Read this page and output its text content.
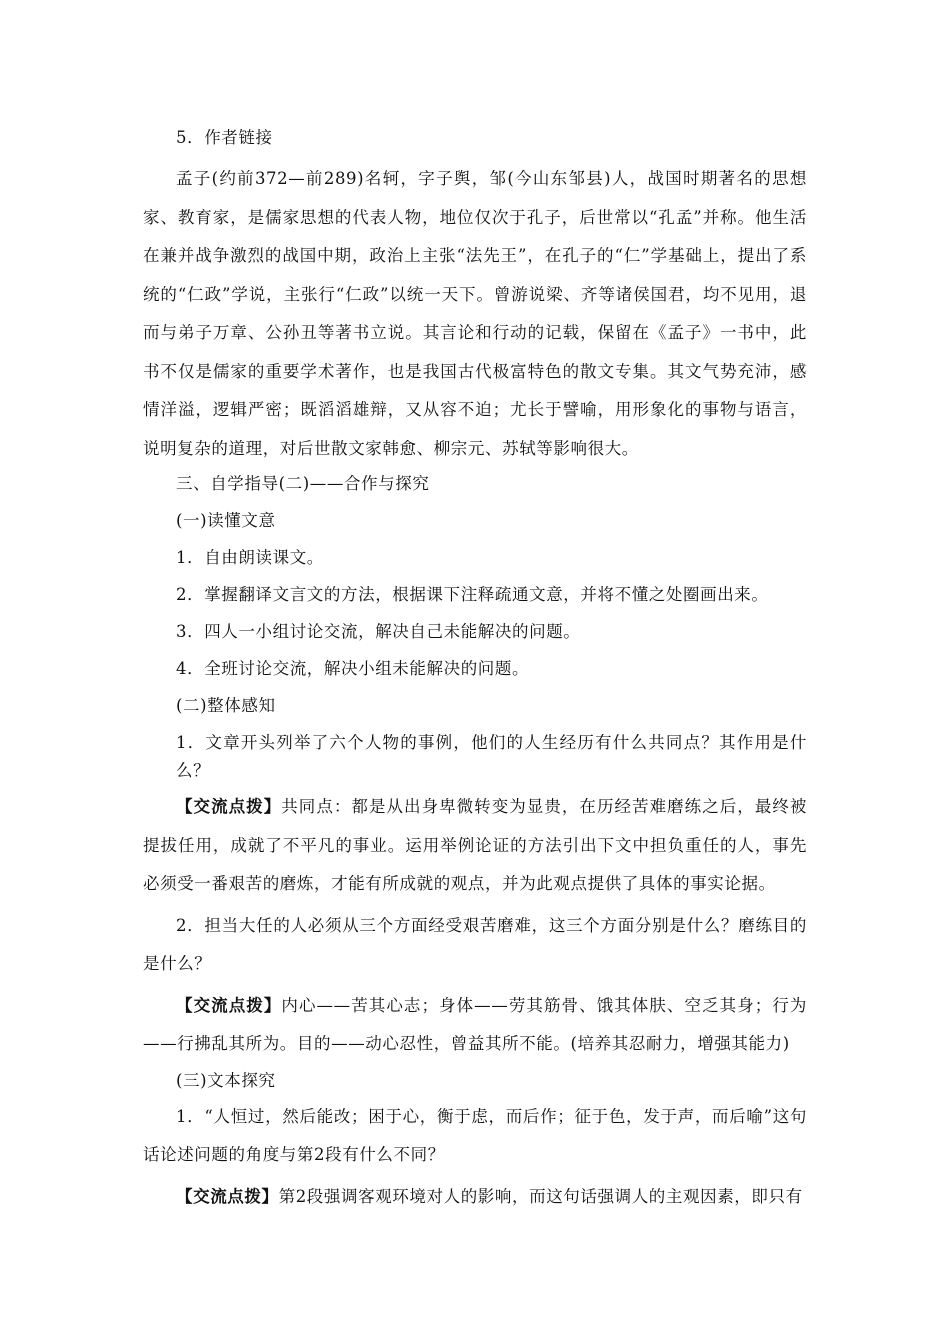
5．作者链接

孟子(约前372—前289)名轲，字子舆，邹(今山东邹县)人，战国时期著名的思想家、教育家，是儒家思想的代表人物，地位仅次于孔子，后世常以“孔孟”并称。他生活在兼并战争激烈的战国中期，政治上主张“法先王”，在孔子的“仁”学基础上，提出了系统的“仁政”学说，主张行“仁政”以统一天下。曾游说梁、齐等诸侯国君，均不见用，退而与弟子万章、公孙丑等著书立说。其言论和行动的记载，保留在《孟子》一书中，此书不仅是儒家的重要学术著作，也是我国古代极富特色的散文专集。其文气势充沛，感情洋溢，逻辑严密；既滔滔雄辩，又从容不迫；尤长于譬喻，用形象化的事物与语言，说明复杂的道理，对后世散文家韩愈、柳宗元、苏轼等影响很大。

三、自学指导(二)——合作与探究

(一)读懂文意

1．自由朗读课文。

2．掌握翻译文言文的方法，根据课下注释疏通文意，并将不懂之处圈画出来。

3．四人一小组讨论交流，解决自己未能解决的问题。

4．全班讨论交流，解决小组未能解决的问题。

(二)整体感知

1．文章开头列举了六个人物的事例，他们的人生经历有什么共同点？其作用是什么？

【交流点拨】共同点：都是从出身卑微转变为显贵，在历经苦难磨练之后，最终被提拔任用，成就了不平凡的事业。运用举例论证的方法引出下文中担负重任的人，事先必须受一番艰苦的磨炼，才能有所成就的观点，并为此观点提供了具体的事实论据。

2．担当大任的人必须从三个方面经受艰苦磨难，这三个方面分别是什么？磨练目的是什么？

【交流点拨】内心——苦其心志；身体——劳其筋骨、饿其体肤、空乏其身；行为——行拂乱其所为。目的——动心忍性，曾益其所不能。(培养其忍耐力，增强其能力)

(三)文本探究

1．“人恒过，然后能改；困于心，衡于虑，而后作；征于色，发于声，而后喻”这句话论述问题的角度与第2段有什么不同？

【交流点拨】第2段强调客观环境对人的影响，而这句话强调人的主观因素，即只有
